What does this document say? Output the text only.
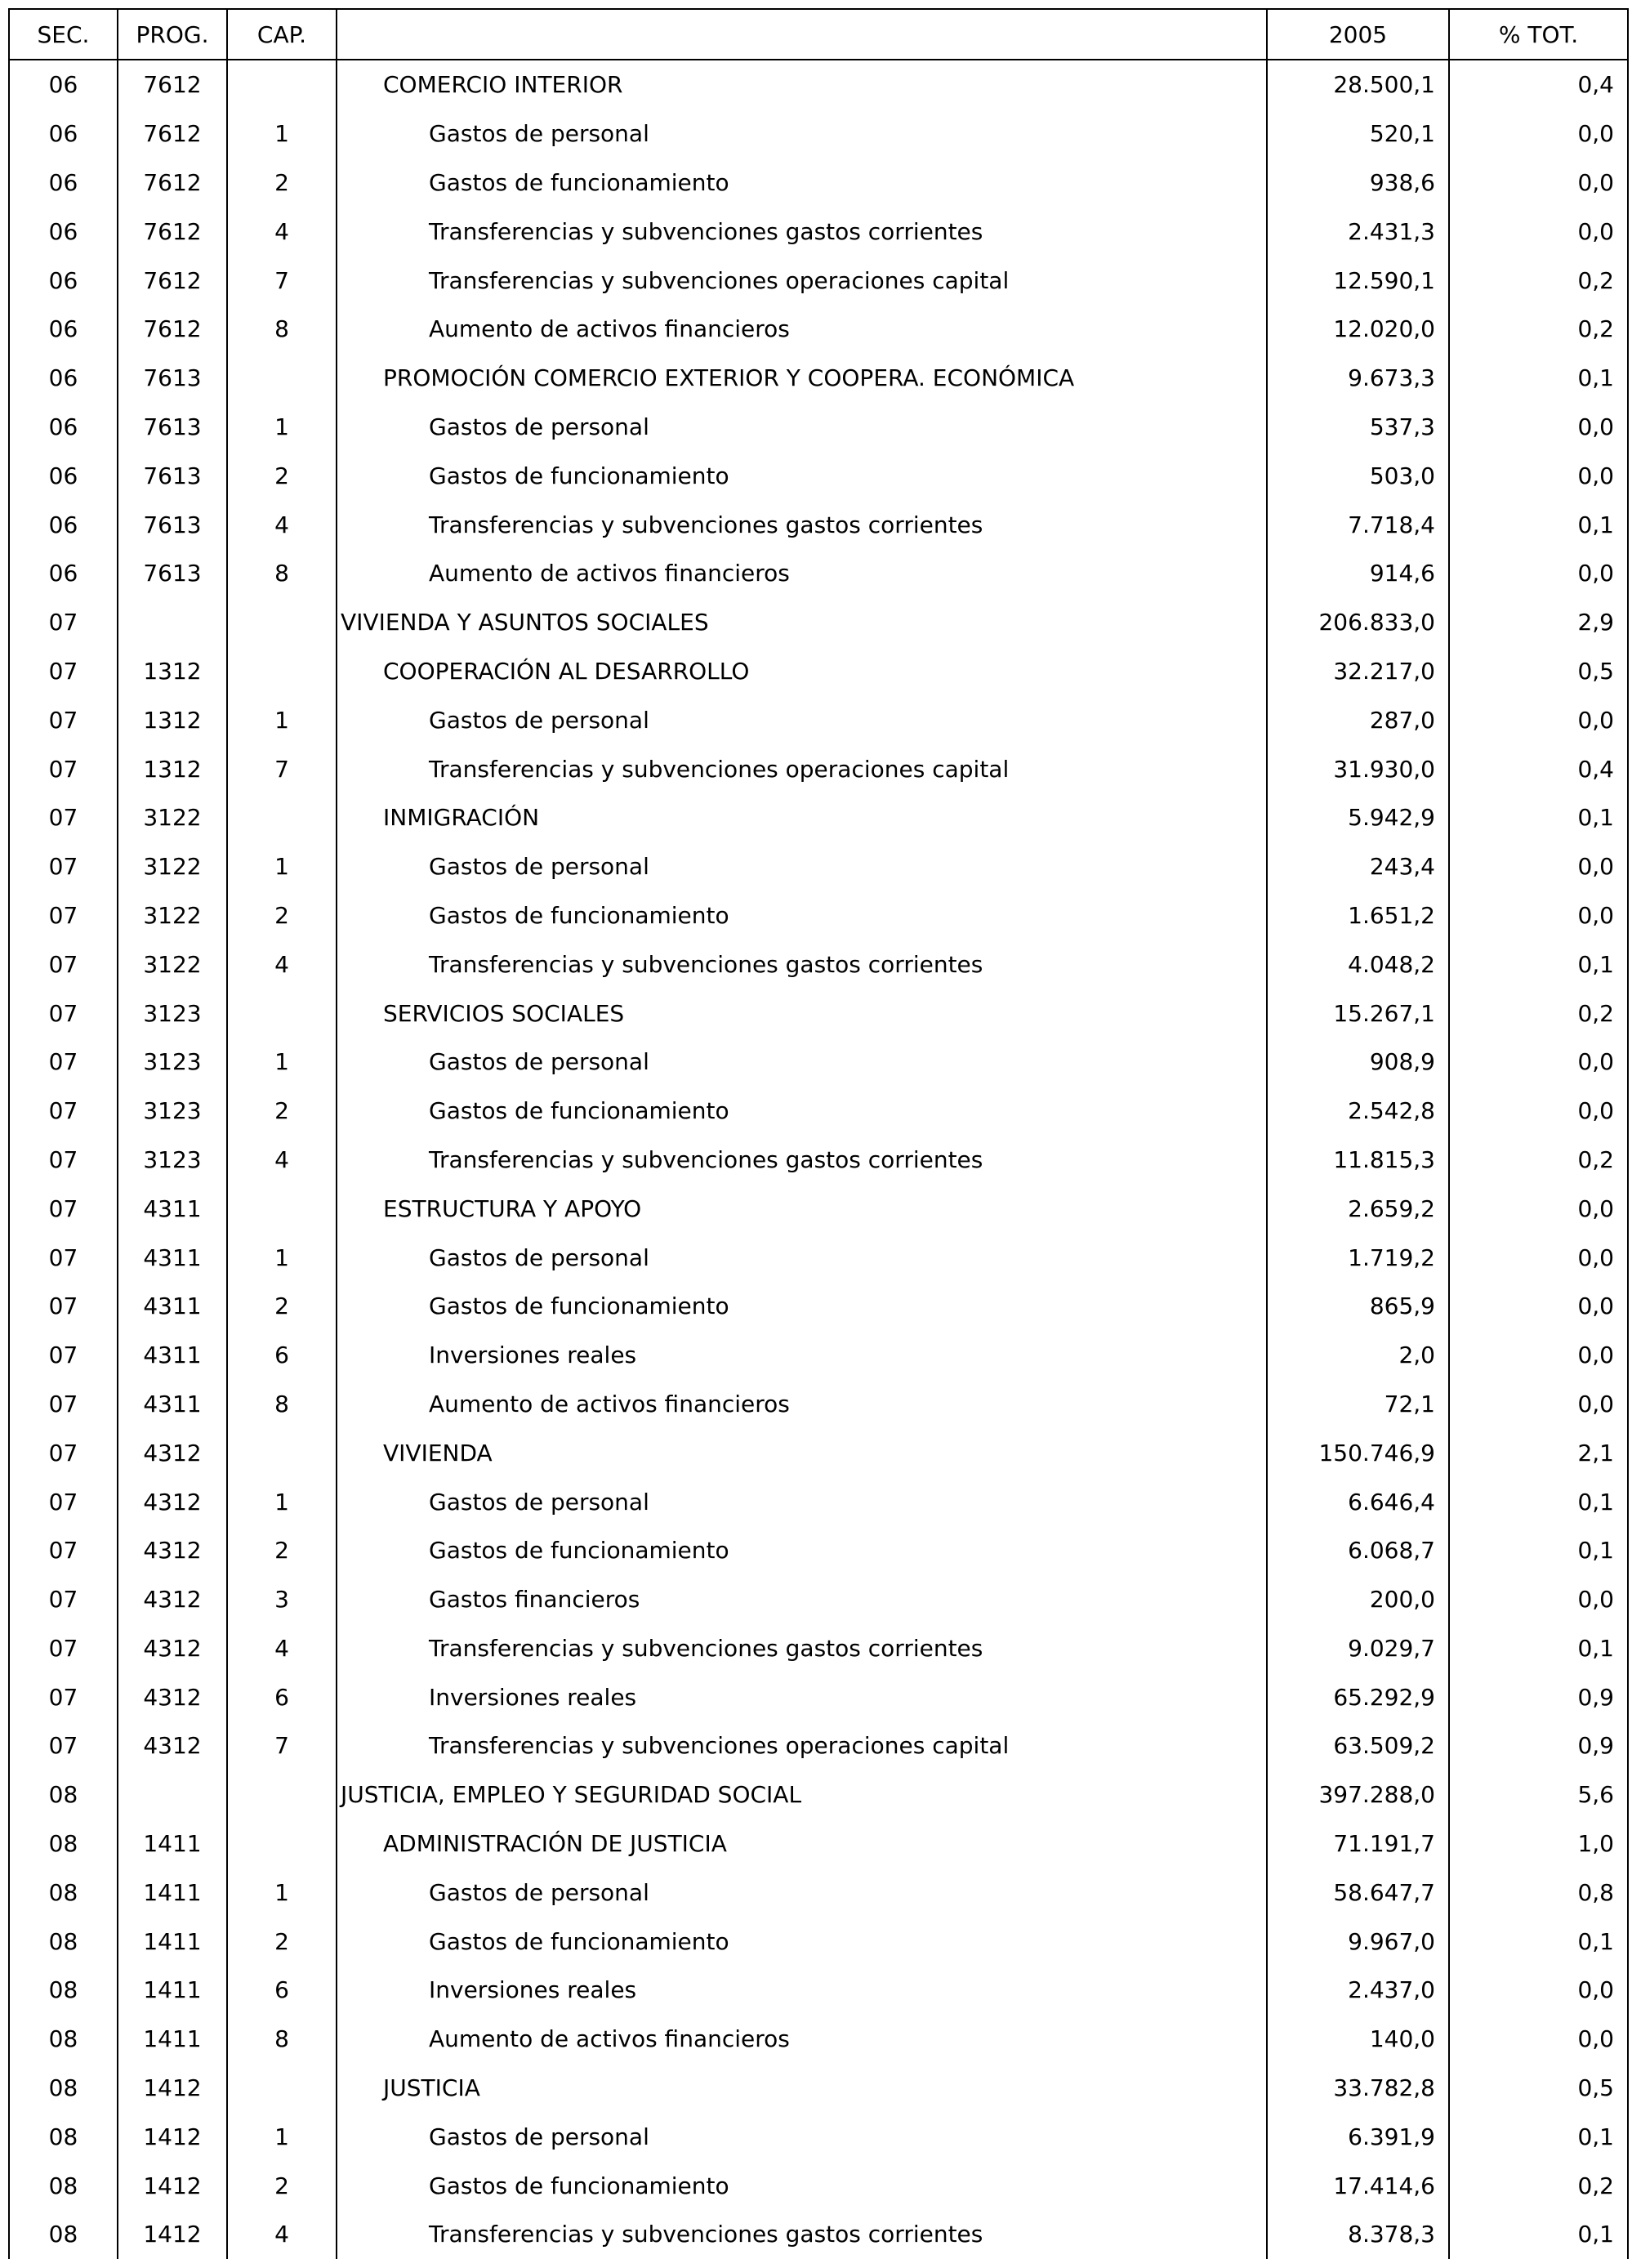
SEC.	PROG.	CAP.		2005	% TOT.
06	7612		COMERCIO INTERIOR	28.500,1	0,4
06	7612	1	Gastos de personal	520,1	0,0
06	7612	2	Gastos de funcionamiento	938,6	0,0
06	7612	4	Transferencias y subvenciones gastos corrientes	2.431,3	0,0
06	7612	7	Transferencias y subvenciones operaciones capital	12.590,1	0,2
06	7612	8	Aumento de activos financieros	12.020,0	0,2
06	7613		PROMOCIÓN COMERCIO EXTERIOR Y COOPERA. ECONÓMICA	9.673,3	0,1
06	7613	1	Gastos de personal	537,3	0,0
06	7613	2	Gastos de funcionamiento	503,0	0,0
06	7613	4	Transferencias y subvenciones gastos corrientes	7.718,4	0,1
06	7613	8	Aumento de activos financieros	914,6	0,0
07			VIVIENDA Y ASUNTOS SOCIALES	206.833,0	2,9
07	1312		COOPERACIÓN AL DESARROLLO	32.217,0	0,5
07	1312	1	Gastos de personal	287,0	0,0
07	1312	7	Transferencias y subvenciones operaciones capital	31.930,0	0,4
07	3122		INMIGRACIÓN	5.942,9	0,1
07	3122	1	Gastos de personal	243,4	0,0
07	3122	2	Gastos de funcionamiento	1.651,2	0,0
07	3122	4	Transferencias y subvenciones gastos corrientes	4.048,2	0,1
07	3123		SERVICIOS SOCIALES	15.267,1	0,2
07	3123	1	Gastos de personal	908,9	0,0
07	3123	2	Gastos de funcionamiento	2.542,8	0,0
07	3123	4	Transferencias y subvenciones gastos corrientes	11.815,3	0,2
07	4311		ESTRUCTURA Y APOYO	2.659,2	0,0
07	4311	1	Gastos de personal	1.719,2	0,0
07	4311	2	Gastos de funcionamiento	865,9	0,0
07	4311	6	Inversiones reales	2,0	0,0
07	4311	8	Aumento de activos financieros	72,1	0,0
07	4312		VIVIENDA	150.746,9	2,1
07	4312	1	Gastos de personal	6.646,4	0,1
07	4312	2	Gastos de funcionamiento	6.068,7	0,1
07	4312	3	Gastos financieros	200,0	0,0
07	4312	4	Transferencias y subvenciones gastos corrientes	9.029,7	0,1
07	4312	6	Inversiones reales	65.292,9	0,9
07	4312	7	Transferencias y subvenciones operaciones capital	63.509,2	0,9
08			JUSTICIA, EMPLEO Y SEGURIDAD SOCIAL	397.288,0	5,6
08	1411		ADMINISTRACIÓN DE JUSTICIA	71.191,7	1,0
08	1411	1	Gastos de personal	58.647,7	0,8
08	1411	2	Gastos de funcionamiento	9.967,0	0,1
08	1411	6	Inversiones reales	2.437,0	0,0
08	1411	8	Aumento de activos financieros	140,0	0,0
08	1412		JUSTICIA	33.782,8	0,5
08	1412	1	Gastos de personal	6.391,9	0,1
08	1412	2	Gastos de funcionamiento	17.414,6	0,2
08	1412	4	Transferencias y subvenciones gastos corrientes	8.378,3	0,1
